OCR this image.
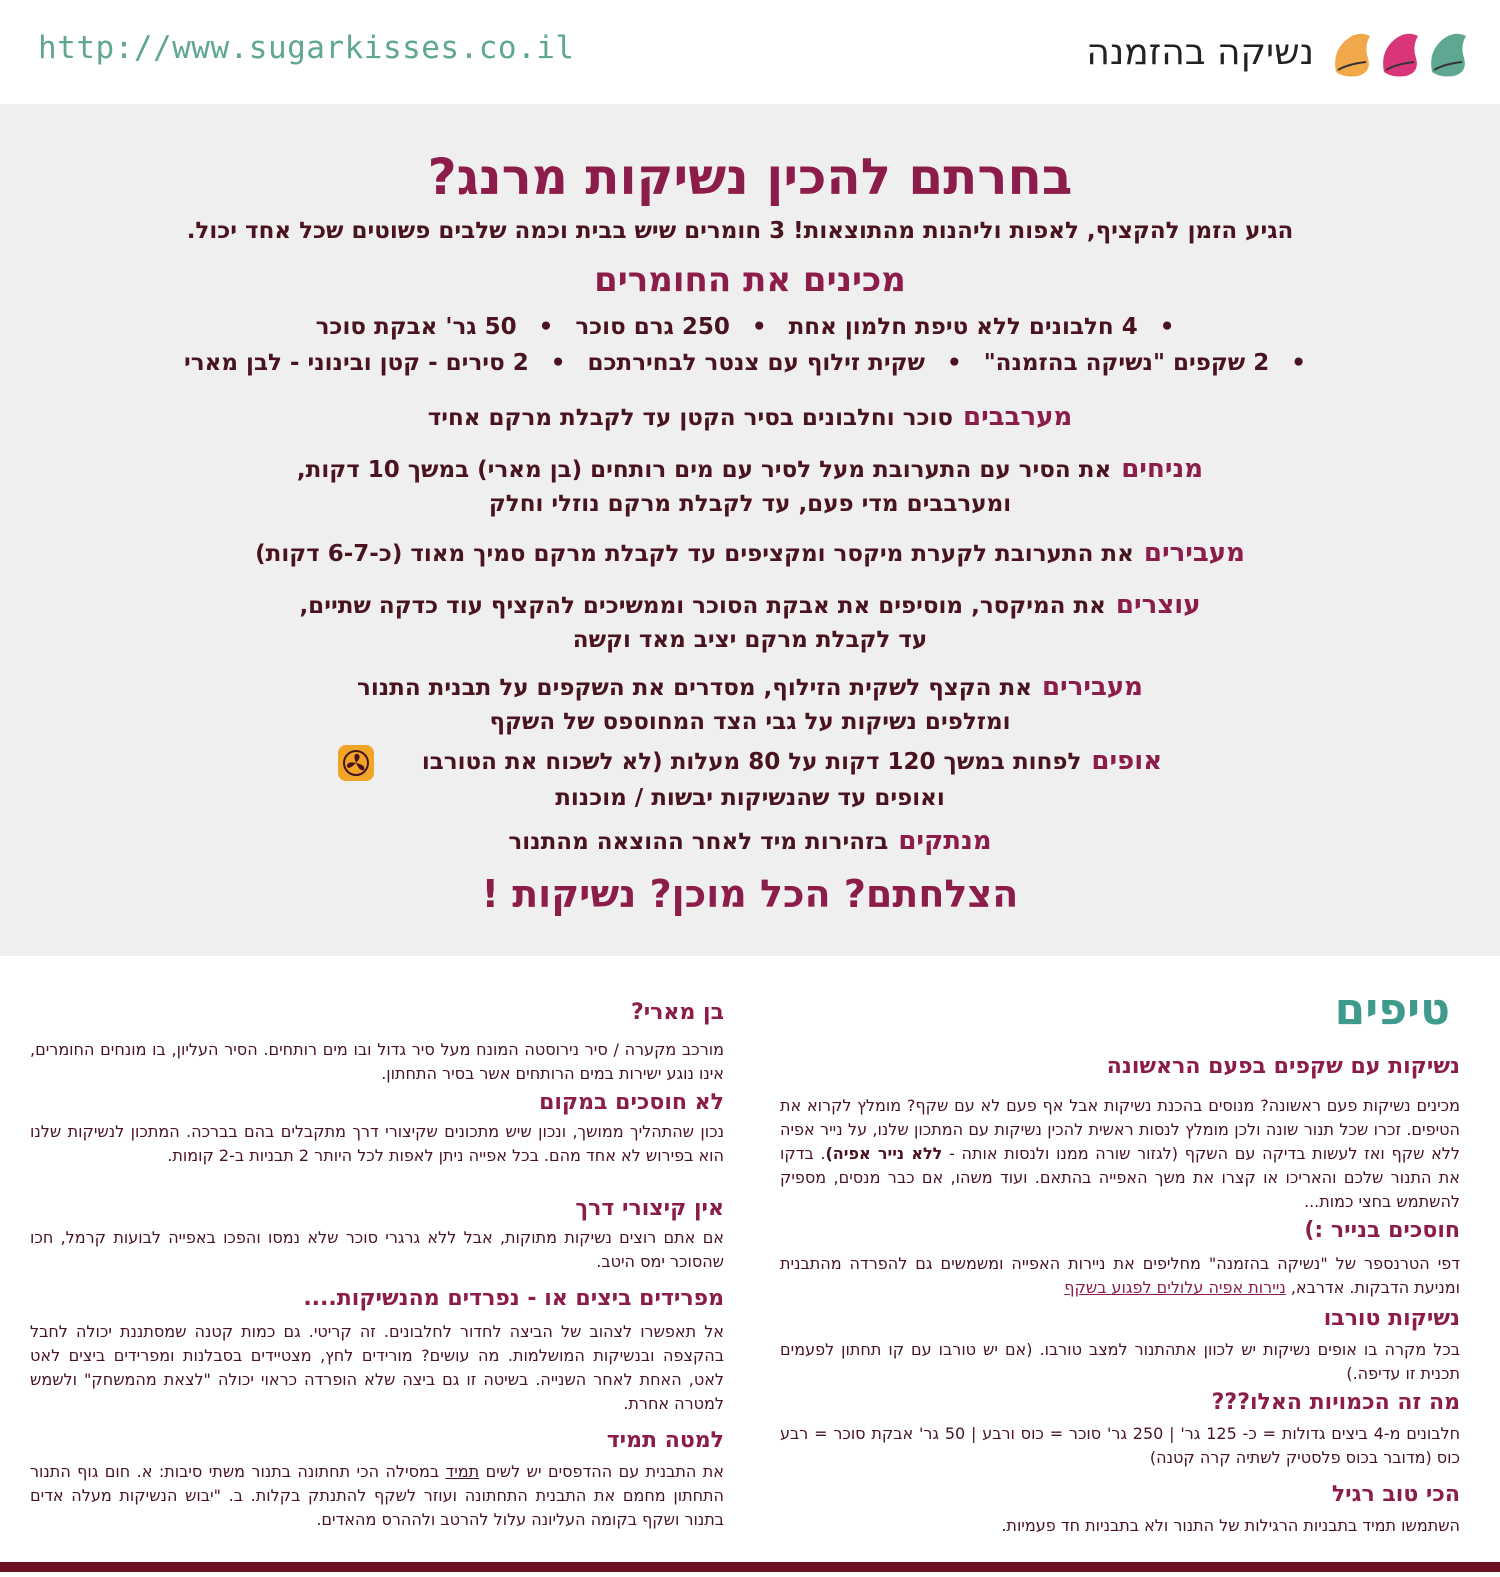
http://www.sugarkisses.co.il	נשיקה בהזמנה
בחרתם להכין נשיקות מרנג?
הגיע הזמן להקציף, לאפות וליהנות מהתוצאות! 3 חומרים שיש בבית וכמה שלבים פשוטים שכל אחד יכול.
מכינים את החומרים
•
4 חלבונים ללא טיפת חלמון אחת
•
250 גרם סוכר
•
50 גר' אבקת סוכר
•
2 שקפים "נשיקה בהזמנה"
•
שקית זילוף עם צנטר לבחירתכם
•
2 סירים - קטן ובינוני - לבן מארי
מערבביםסוכר וחלבונים בסיר הקטן עד לקבלת מרקם אחיד
מניחיםאת הסיר עם התערובת מעל לסיר עם מים רותחים (בן מארי) במשך 10 דקות,
ומערבבים מדי פעם, עד לקבלת מרקם נוזלי וחלק
מעביריםאת התערובת לקערת מיקסר ומקציפים עד לקבלת מרקם סמיך מאוד (כ-6-7 דקות)
עוצריםאת המיקסר, מוסיפים את אבקת הסוכר וממשיכים להקציף עוד כדקה שתיים,
עד לקבלת מרקם יציב מאד וקשה
מעביריםאת הקצף לשקית הזילוף, מסדרים את השקפים על תבנית התנור
ומזלפים נשיקות על גבי הצד המחוספס של השקף
אופיםלפחות במשך 120 דקות על 80 מעלות (לא לשכוח את הטורבו
ואופים עד שהנשיקות יבשות / מוכנות
מנתקיםבזהירות מיד לאחר ההוצאה מהתנור
הצלחתם? הכל מוכן? נשיקות !
טיפים
נשיקות עם שקפים בפעם הראשונה

מכינים נשיקות פעם ראשונה? מנוסים בהכנת נשיקות אבל אף פעם לא עם שקף? מומלץ לקרוא את הטיפים. זכרו שכל תנור שונה ולכן מומלץ לנסות ראשית להכין נשיקות עם המתכון שלנו, על נייר אפיה ללא שקף ואז לעשות בדיקה עם השקף (לגזור שורה ממנו ולנסות אותה - ללא נייר אפיה). בדקו את התנור שלכם והאריכו או קצרו את משך האפייה בהתאם. ועוד משהו, אם כבר מנסים, מספיק להשתמש בחצי כמות...

חוסכים בנייר :)

דפי הטרנספר של "נשיקה בהזמנה" מחליפים את ניירות האפייה ומשמשים גם להפרדה מהתבנית ומניעת הדבקות. אדרבא, ניירות אפיה עלולים לפגוע בשקף

נשיקות טורבו

בכל מקרה בו אופים נשיקות יש לכוון אתהתנור למצב טורבו. (אם יש טורבו עם קו תחתון לפעמים תכנית זו עדיפה.)

מה זה הכמויות האלו???

חלבונים מ-4 ביצים גדולות = כ- 125 גר' | 250 גר' סוכר = כוס ורבע | 50 גר' אבקת סוכר = רבע כוס (מדובר בכוס פלסטיק לשתיה קרה קטנה)

הכי טוב רגיל

השתמשו תמיד בתבניות הרגילות של התנור ולא בתבניות חד פעמיות.

בן מארי?

מורכב מקערה / סיר נירוסטה המונח מעל סיר גדול ובו מים רותחים. הסיר העליון, בו מונחים החומרים, אינו נוגע ישירות במים הרותחים אשר בסיר התחתון.

לא חוסכים במקום

נכון שהתהליך ממושך, ונכון שיש מתכונים שקיצורי דרך מתקבלים בהם בברכה. המתכון לנשיקות שלנו הוא בפירוש לא אחד מהם. בכל אפייה ניתן לאפות לכל היותר 2 תבניות ב-2 קומות.

אין קיצורי דרך

אם אתם רוצים נשיקות מתוקות, אבל ללא גרגרי סוכר שלא נמסו והפכו באפייה לבועות קרמל, חכו שהסוכר ימס היטב.

מפרידים ביצים או - נפרדים מהנשיקות....

אל תאפשרו לצהוב של הביצה לחדור לחלבונים. זה קריטי. גם כמות קטנה שמסתננת יכולה לחבל בהקצפה ובנשיקות המושלמות. מה עושים? מורידים לחץ, מצטיידים בסבלנות ומפרידים ביצים לאט לאט, האחת לאחר השנייה. בשיטה זו גם ביצה שלא הופרדה כראוי יכולה "לצאת מהמשחק" ולשמש למטרה אחרת.

למטה תמיד

את התבנית עם ההדפסים יש לשים תמיד במסילה הכי תחתונה בתנור משתי סיבות: א. חום גוף התנור התחתון מחמם את התבנית התחתונה ועוזר לשקף להתנתק בקלות. ב. "יבוש הנשיקות מעלה אדים בתנור ושקף בקומה העליונה עלול להרטב ולההרס מהאדים.
